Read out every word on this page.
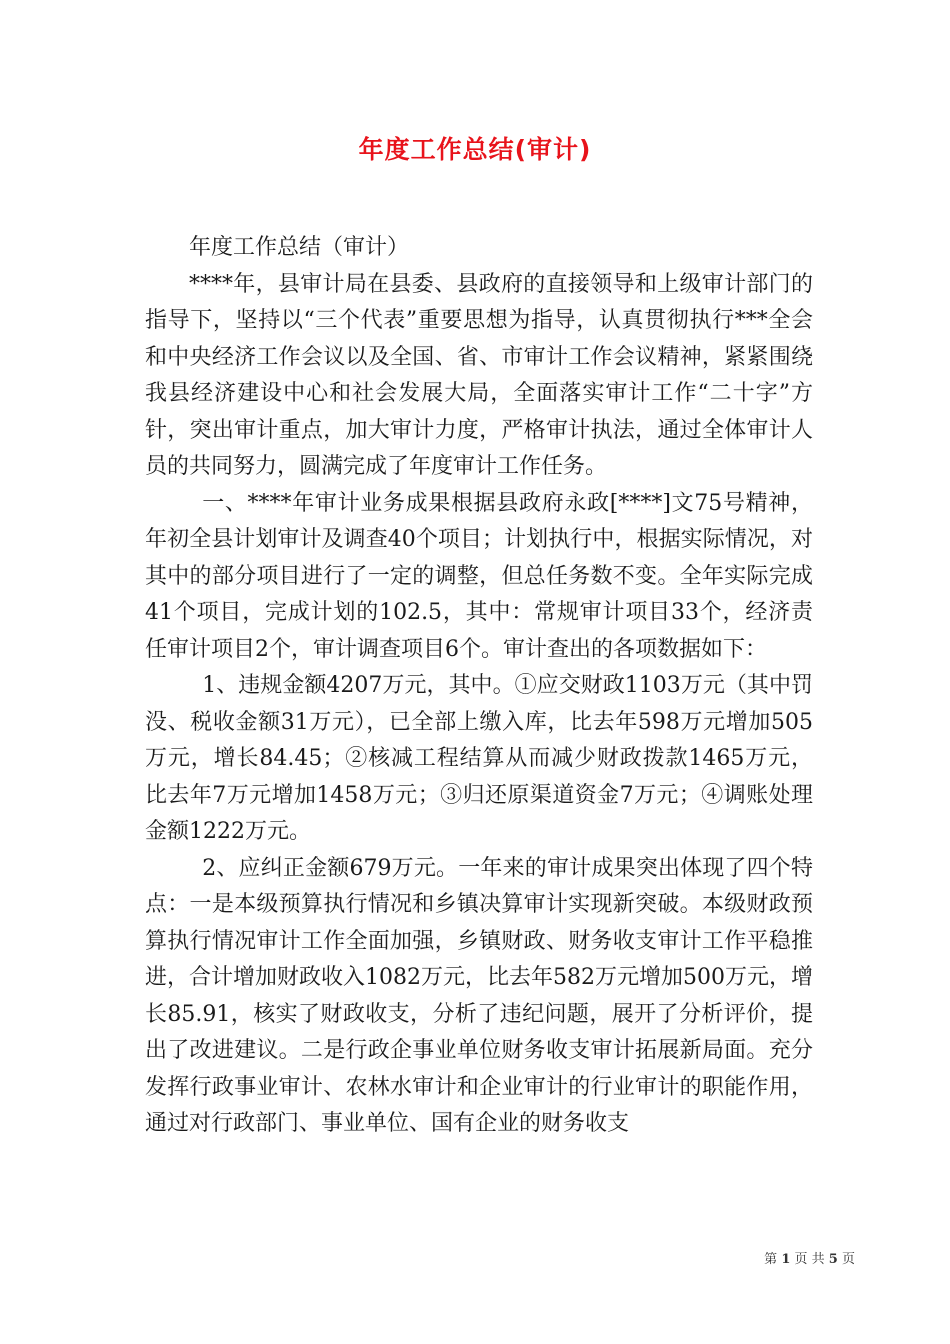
年度工作总结(审计)

年度工作总结（审计）

****年，县审计局在县委、县政府的直接领导和上级审计部门的指导下，坚持以“三个代表”重要思想为指导，认真贯彻执行***全会和中央经济工作会议以及全国、省、市审计工作会议精神，紧紧围绕我县经济建设中心和社会发展大局，全面落实审计工作“二十字”方针，突出审计重点，加大审计力度，严格审计执法，通过全体审计人员的共同努力，圆满完成了年度审计工作任务。

一、****年审计业务成果根据县政府永政[****]文75号精神，年初全县计划审计及调查40个项目；计划执行中，根据实际情况，对其中的部分项目进行了一定的调整，但总任务数不变。全年实际完成41个项目，完成计划的102.5，其中：常规审计项目33个，经济责任审计项目2个，审计调查项目6个。审计查出的各项数据如下：

1、违规金额4207万元，其中。①应交财政1103万元（其中罚没、税收金额31万元），已全部上缴入库，比去年598万元增加505万元，增长84.45；②核减工程结算从而减少财政拨款1465万元，比去年7万元增加1458万元；③归还原渠道资金7万元；④调账处理金额1222万元。

2、应纠正金额679万元。一年来的审计成果突出体现了四个特点：一是本级预算执行情况和乡镇决算审计实现新突破。本级财政预算执行情况审计工作全面加强，乡镇财政、财务收支审计工作平稳推进，合计增加财政收入1082万元，比去年582万元增加500万元，增长85.91，核实了财政收支，分析了违纪问题，展开了分析评价，提出了改进建议。二是行政企事业单位财务收支审计拓展新局面。充分发挥行政事业审计、农林水审计和企业审计的行业审计的职能作用，通过对行政部门、事业单位、国有企业的财务收支

第 1 页 共 5 页
